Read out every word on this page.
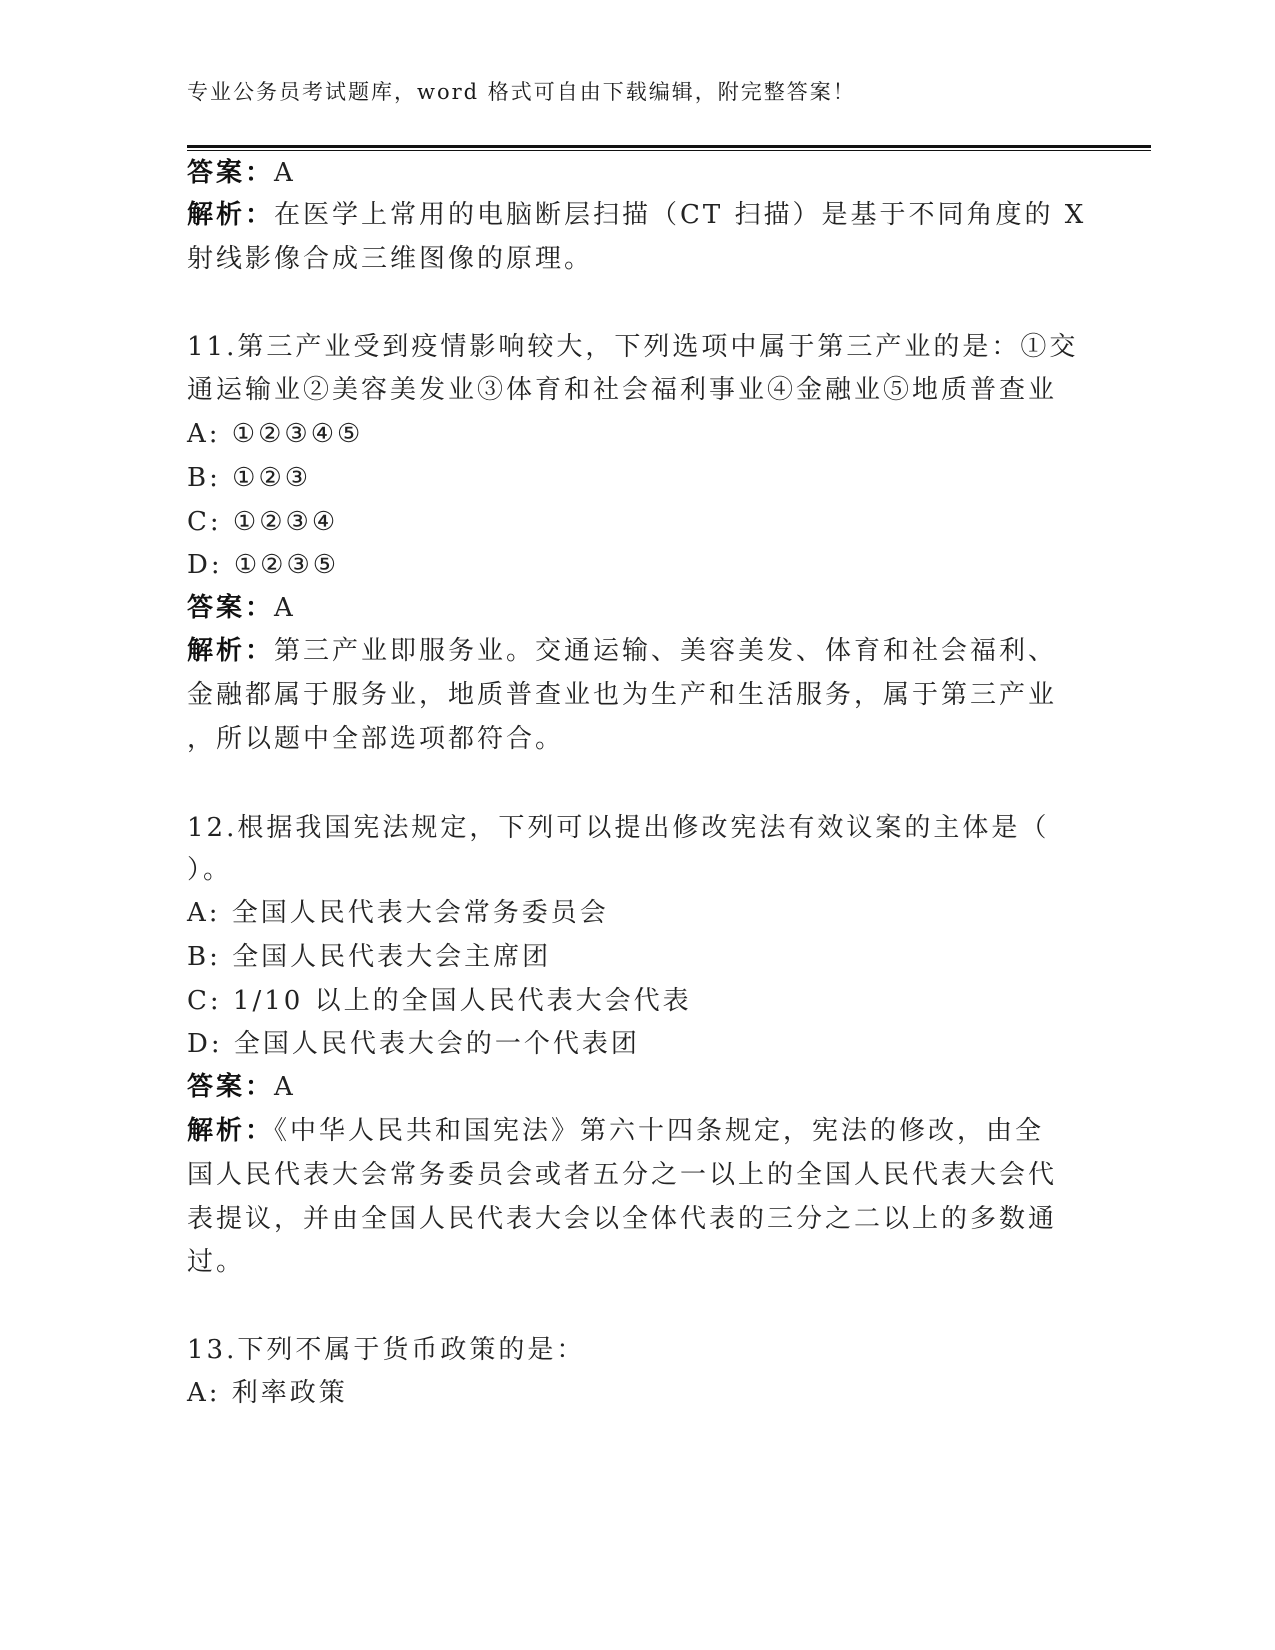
专业公务员考试题库，word 格式可自由下载编辑，附完整答案！
答案：A
解析：在医学上常用的电脑断层扫描（CT 扫描）是基于不同角度的 X
射线影像合成三维图像的原理。
11.第三产业受到疫情影响较大，下列选项中属于第三产业的是：①交
通运输业②美容美发业③体育和社会福利事业④金融业⑤地质普查业
A: ①②③④⑤
B: ①②③
C: ①②③④
D: ①②③⑤
答案：A
解析：第三产业即服务业。交通运输、美容美发、体育和社会福利、
金融都属于服务业，地质普查业也为生产和生活服务，属于第三产业
，所以题中全部选项都符合。
12.根据我国宪法规定，下列可以提出修改宪法有效议案的主体是（
）。
A: 全国人民代表大会常务委员会
B: 全国人民代表大会主席团
C: 1/10 以上的全国人民代表大会代表
D: 全国人民代表大会的一个代表团
答案：A
解析：《中华人民共和国宪法》第六十四条规定，宪法的修改，由全
国人民代表大会常务委员会或者五分之一以上的全国人民代表大会代
表提议，并由全国人民代表大会以全体代表的三分之二以上的多数通
过。
13.下列不属于货币政策的是：
A: 利率政策
